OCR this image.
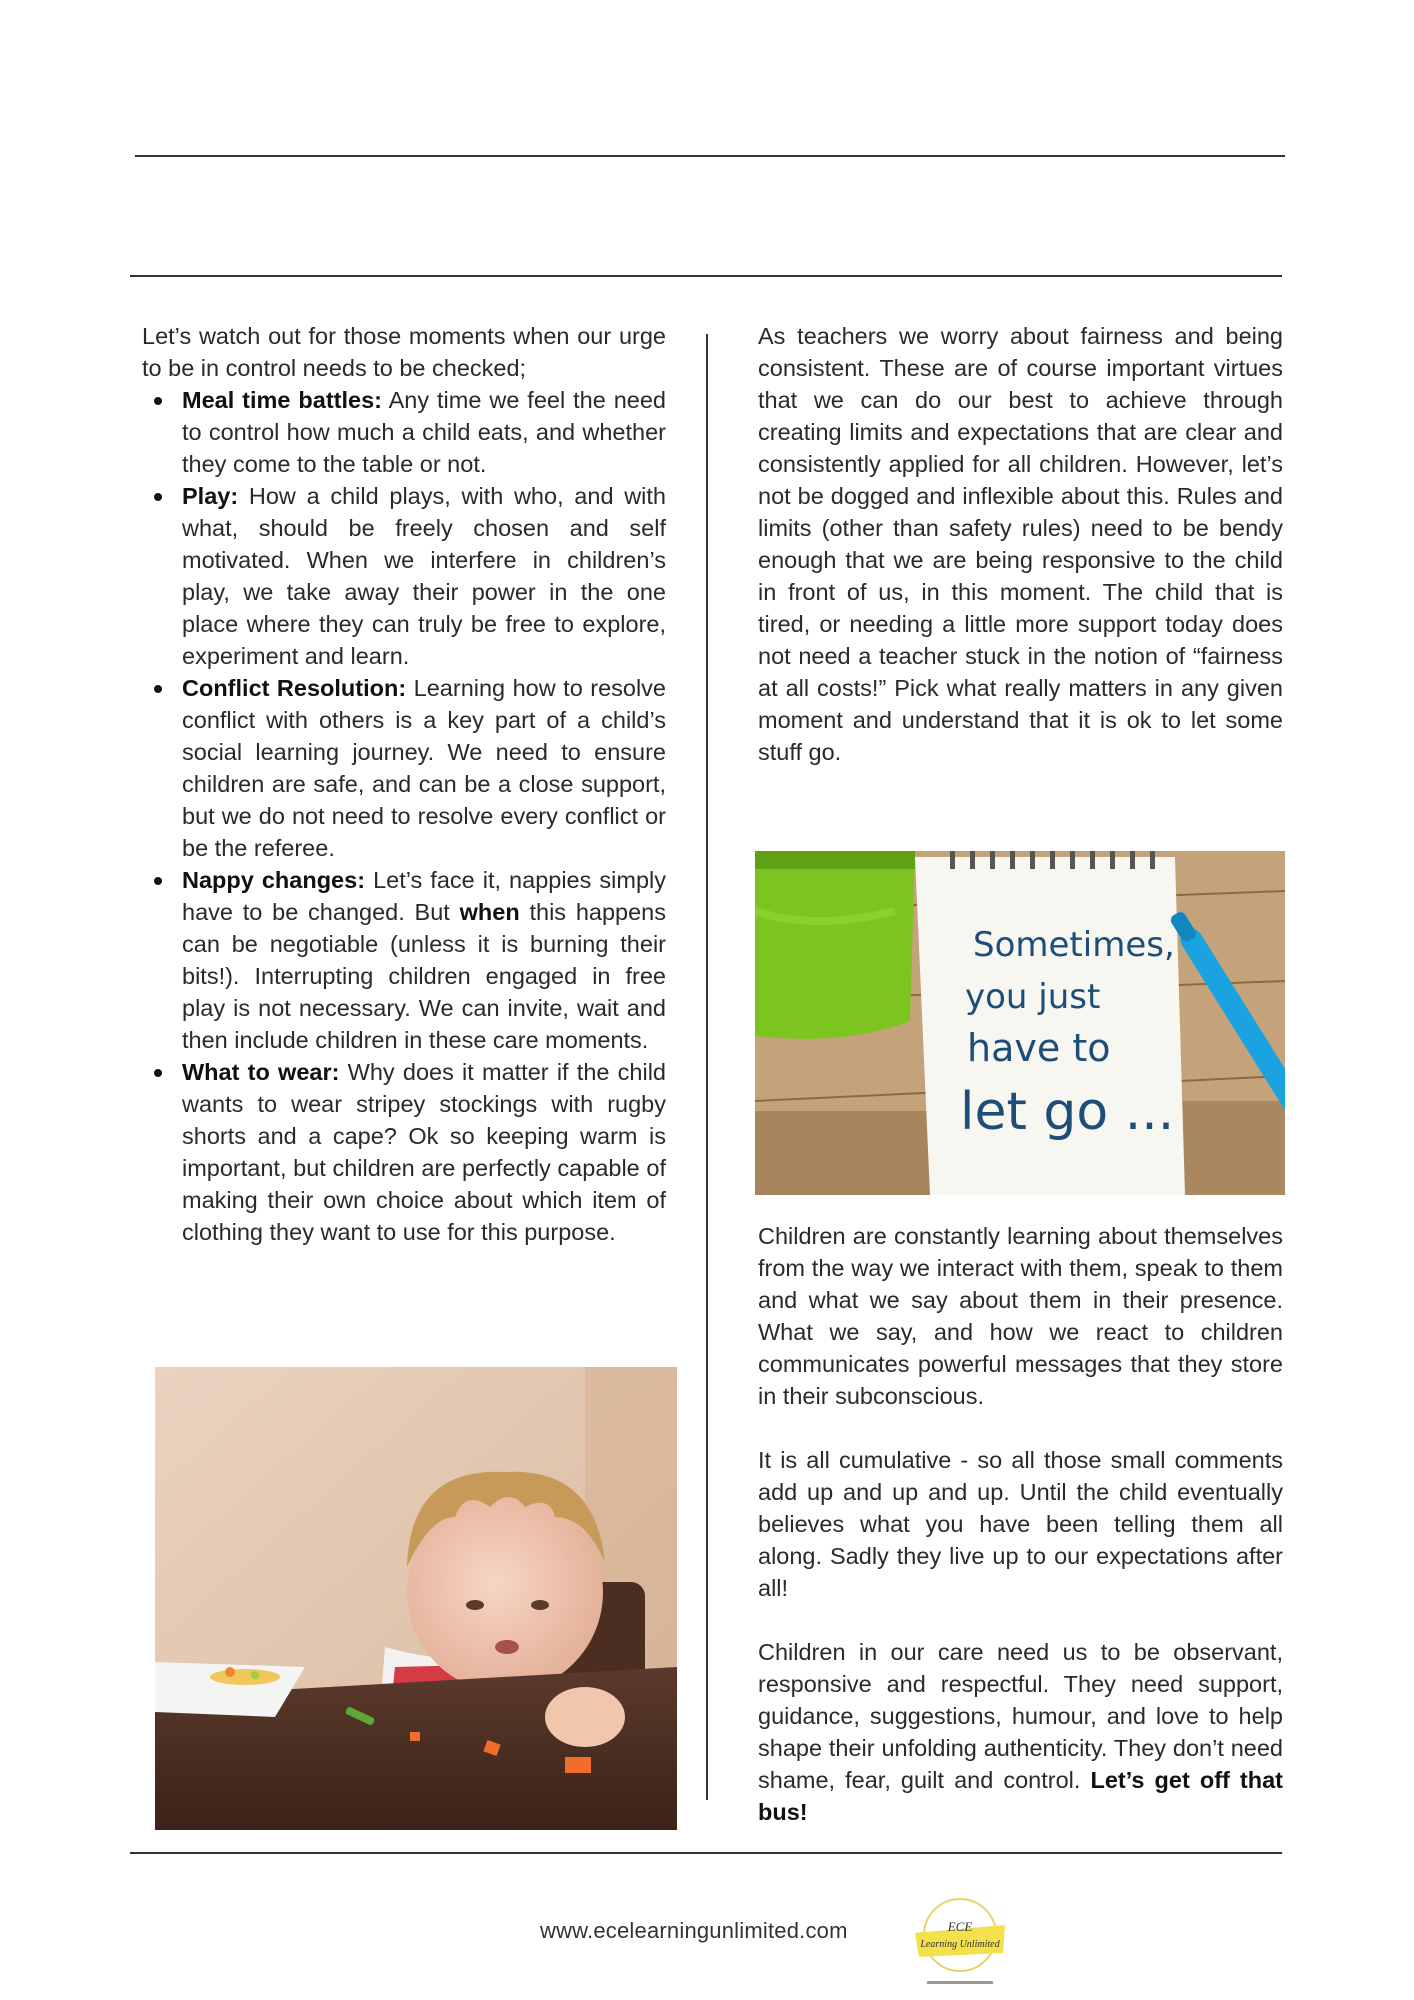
Let’s watch out for those moments when our urge to be in control needs to be checked;

Meal time battles: Any time we feel the need to control how much a child eats, and whether they come to the table or not.
Play: How a child plays, with who, and with what, should be freely chosen and self motivated. When we interfere in children’s play, we take away their power in the one place where they can truly be free to explore, experiment and learn.
Conflict Resolution: Learning how to resolve conflict with others is a key part of a child’s social learning journey. We need to ensure children are safe, and can be a close support, but we do not need to resolve every conflict or be the referee.
Nappy changes: Let’s face it, nappies simply have to be changed. But when this happens can be negotiable (unless it is burning their bits!). Interrupting children engaged in free play is not necessary. We can invite, wait and then include children in these care moments.
What to wear: Why does it matter if the child wants to wear stripey stockings with rugby shorts and a cape? Ok so keeping warm is important, but children are perfectly capable of making their own choice about which item of clothing they want to use for this purpose.

As teachers we worry about fairness and being consistent. These are of course important virtues that we can do our best to achieve through creating limits and expectations that are clear and consistently applied for all children. However, let’s not be dogged and inflexible about this. Rules and limits (other than safety rules) need to be bendy enough that we are being responsive to the child in front of us, in this moment. The child that is tired, or needing a little more support today does not need a teacher stuck in the notion of “fairness at all costs!” Pick what really matters in any given moment and understand that it is ok to let some stuff go.

Sometimes,
you just
have to
let go ...

Children are constantly learning about themselves from the way we interact with them, speak to them and what we say about them in their presence. What we say, and how we react to children communicates powerful messages that they store in their subconscious.

It is all cumulative - so all those small comments add up and up and up. Until the child eventually believes what you have been telling them all along. Sadly they live up to our expectations after all!

Children in our care need us to be observant, responsive and respectful. They need support, guidance, suggestions, humour, and love to help shape their unfolding authenticity. They don’t need shame, fear, guilt and control. Let’s get off that bus!

www.ecelearningunlimited.com	ECE
Learning Unlimited
